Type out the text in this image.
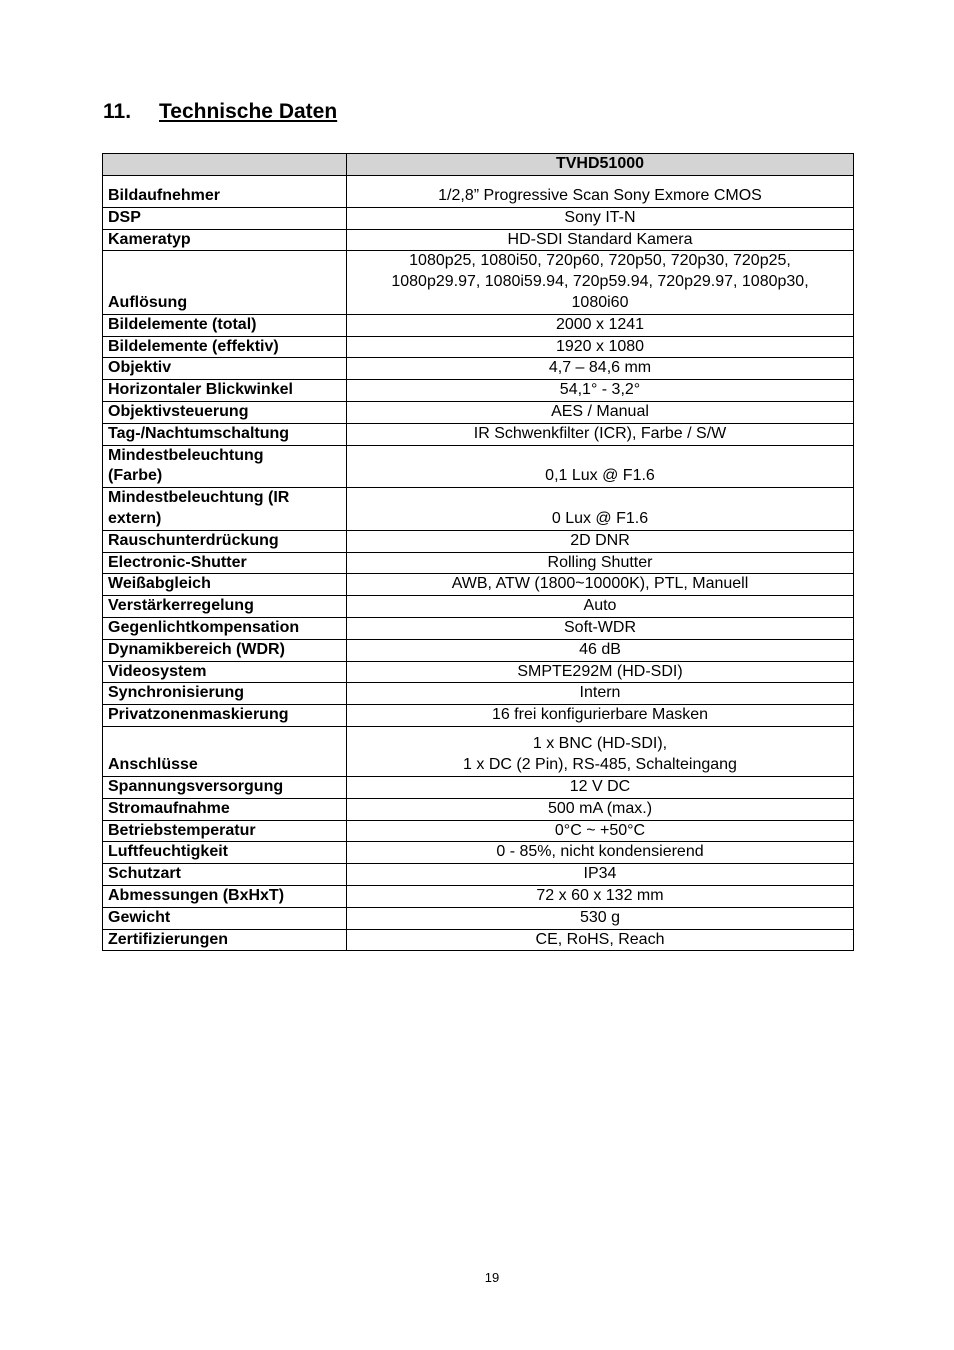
11. Technische Daten
	TVHD51000
Bildaufnehmer	1/2,8” Progressive Scan Sony Exmore CMOS
DSP	Sony IT-N
Kameratyp	HD-SDI Standard Kamera
Auflösung	1080p25, 1080i50, 720p60, 720p50, 720p30, 720p25,
1080p29.97, 1080i59.94, 720p59.94, 720p29.97, 1080p30,
1080i60

Bildelemente (total)	2000 x 1241
Bildelemente (effektiv)	1920 x 1080
Objektiv	4,7 – 84,6 mm
Horizontaler Blickwinkel	54,1° - 3,2°
Objektivsteuerung	AES / Manual
Tag-/Nachtumschaltung	IR Schwenkfilter (ICR), Farbe / S/W

Mindestbeleuchtung
(Farbe)	0,1 Lux @ F1.6

Mindestbeleuchtung (IR
extern)	0 Lux @ F1.6
Rauschunterdrückung	2D DNR
Electronic-Shutter	Rolling Shutter
Weißabgleich	AWB, ATW (1800~10000K), PTL, Manuell
Verstärkerregelung	Auto
Gegenlichtkompensation	Soft-WDR
Dynamikbereich (WDR)	46 dB
Videosystem	SMPTE292M (HD-SDI)
Synchronisierung	Intern
Privatzonenmaskierung	16 frei konfigurierbare Masken
Anschlüsse	1 x BNC (HD-SDI),
1 x DC (2 Pin), RS-485, Schalteingang

Spannungsversorgung	12 V DC
Stromaufnahme	500 mA (max.)
Betriebstemperatur	0°C ~ +50°C
Luftfeuchtigkeit	0 - 85%, nicht kondensierend
Schutzart	IP34
Abmessungen (BxHxT)	72 x 60 x 132 mm
Gewicht	530 g
Zertifizierungen	CE, RoHS, Reach
19
